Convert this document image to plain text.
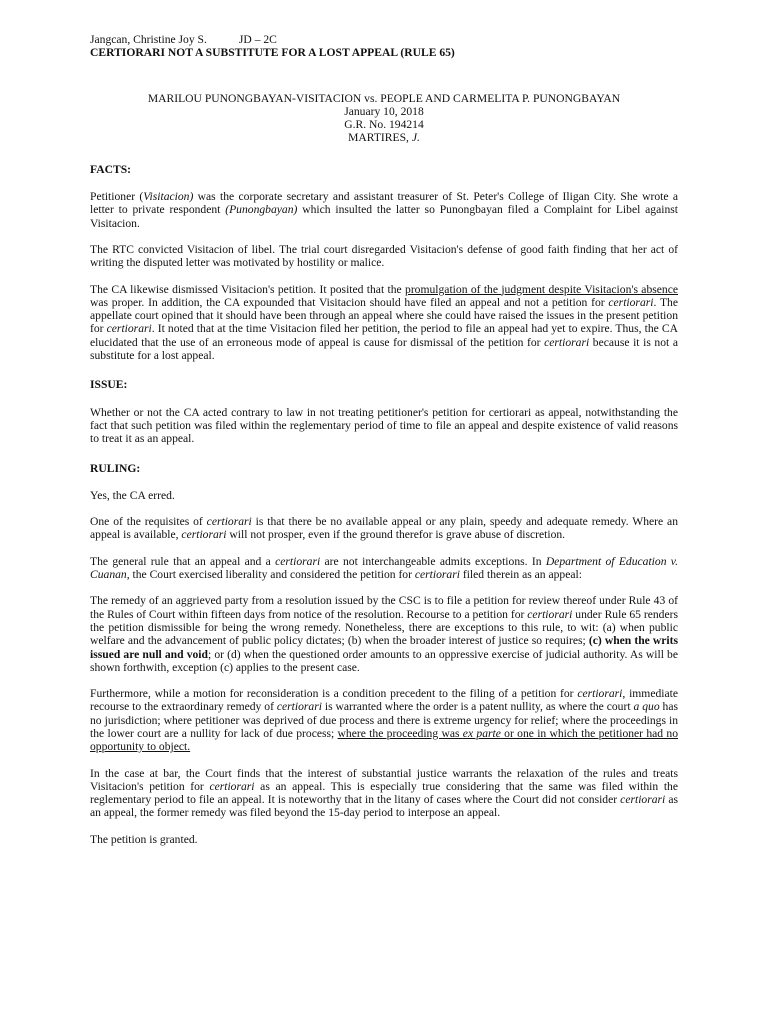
Jangcan, Christine Joy S.	JD – 2C
CERTIORARI NOT A SUBSTITUTE FOR A LOST APPEAL (RULE 65)
MARILOU PUNONGBAYAN-VISITACION vs. PEOPLE AND CARMELITA P. PUNONGBAYAN
January 10, 2018
G.R. No. 194214
MARTIRES, J.
FACTS:
Petitioner (Visitacion) was the corporate secretary and assistant treasurer of St. Peter's College of Iligan City. She wrote a letter to private respondent (Punongbayan) which insulted the latter so Punongbayan filed a Complaint for Libel against Visitacion.
The RTC convicted Visitacion of libel. The trial court disregarded Visitacion's defense of good faith finding that her act of writing the disputed letter was motivated by hostility or malice.
The CA likewise dismissed Visitacion's petition. It posited that the promulgation of the judgment despite Visitacion's absence was proper. In addition, the CA expounded that Visitacion should have filed an appeal and not a petition for certiorari. The appellate court opined that it should have been through an appeal where she could have raised the issues in the present petition for certiorari. It noted that at the time Visitacion filed her petition, the period to file an appeal had yet to expire. Thus, the CA elucidated that the use of an erroneous mode of appeal is cause for dismissal of the petition for certiorari because it is not a substitute for a lost appeal.
ISSUE:
Whether or not the CA acted contrary to law in not treating petitioner's petition for certiorari as appeal, notwithstanding the fact that such petition was filed within the reglementary period of time to file an appeal and despite existence of valid reasons to treat it as an appeal.
RULING:
Yes, the CA erred.
One of the requisites of certiorari is that there be no available appeal or any plain, speedy and adequate remedy. Where an appeal is available, certiorari will not prosper, even if the ground therefor is grave abuse of discretion.
The general rule that an appeal and a certiorari are not interchangeable admits exceptions. In Department of Education v. Cuanan, the Court exercised liberality and considered the petition for certiorari filed therein as an appeal:
The remedy of an aggrieved party from a resolution issued by the CSC is to file a petition for review thereof under Rule 43 of the Rules of Court within fifteen days from notice of the resolution. Recourse to a petition for certiorari under Rule 65 renders the petition dismissible for being the wrong remedy. Nonetheless, there are exceptions to this rule, to wit: (a) when public welfare and the advancement of public policy dictates; (b) when the broader interest of justice so requires; (c) when the writs issued are null and void; or (d) when the questioned order amounts to an oppressive exercise of judicial authority. As will be shown forthwith, exception (c) applies to the present case.
Furthermore, while a motion for reconsideration is a condition precedent to the filing of a petition for certiorari, immediate recourse to the extraordinary remedy of certiorari is warranted where the order is a patent nullity, as where the court a quo has no jurisdiction; where petitioner was deprived of due process and there is extreme urgency for relief; where the proceedings in the lower court are a nullity for lack of due process; where the proceeding was ex parte or one in which the petitioner had no opportunity to object.
In the case at bar, the Court finds that the interest of substantial justice warrants the relaxation of the rules and treats Visitacion's petition for certiorari as an appeal. This is especially true considering that the same was filed within the reglementary period to file an appeal. It is noteworthy that in the litany of cases where the Court did not consider certiorari as an appeal, the former remedy was filed beyond the 15-day period to interpose an appeal.
The petition is granted.
